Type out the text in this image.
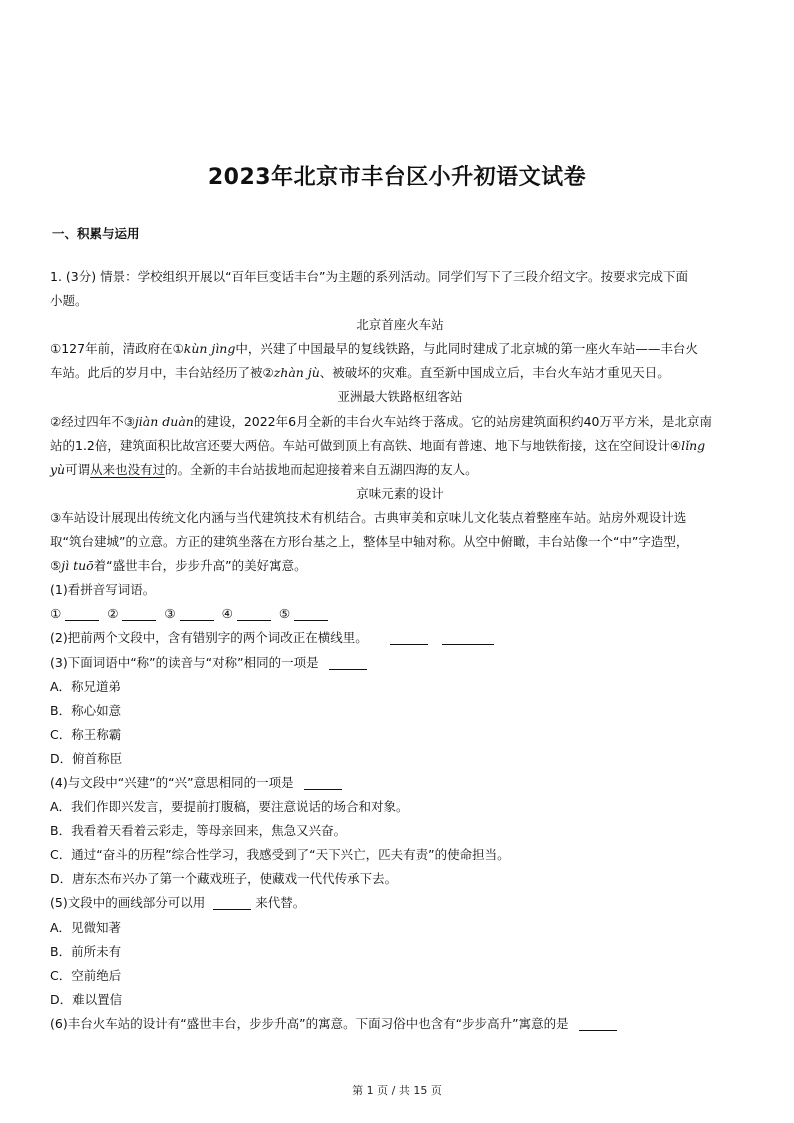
2023年北京市丰台区小升初语文试卷
一、积累与运用

1. (3分) 情景：学校组织开展以“百年巨变话丰台”为主题的系列活动。同学们写下了三段介绍文字。按要求完成下面

小题。

北京首座火车站

①127年前，清政府在①kùn jìng中，兴建了中国最早的复线铁路，与此同时建成了北京城的第一座火车站——丰台火

车站。此后的岁月中，丰台站经历了被②zhàn jù、被破坏的灾难。直至新中国成立后，丰台火车站才重见天日。

亚洲最大铁路枢纽客站

②经过四年不③jiàn duàn的建设，2022年6月全新的丰台火车站终于落成。它的站房建筑面积约40万平方米，是北京南

站的1.2倍，建筑面积比故宫还要大两倍。车站可做到顶上有高铁、地面有普速、地下与地铁衔接，这在空间设计④lǐng

yù可谓从来也没有过的。全新的丰台站拔地而起迎接着来自五湖四海的友人。

京味元素的设计

③车站设计展现出传统文化内涵与当代建筑技术有机结合。古典审美和京味儿文化装点着整座车站。站房外观设计选

取“筑台建城”的立意。方正的建筑坐落在方形台基之上，整体呈中轴对称。从空中俯瞰，丰台站像一个“中”字造型，

⑤jì tuō着“盛世丰台，步步升高”的美好寓意。

(1)看拼音写词语。

①	②	③	④	⑤

(2)把前两个文段中，含有错别字的两个词改正在横线里。

(3)下面词语中“称”的读音与“对称”相同的一项是

A．称兄道弟

B．称心如意

C．称王称霸

D．俯首称臣

(4)与文段中“兴建”的“兴”意思相同的一项是

A．我们作即兴发言，要提前打腹稿，要注意说话的场合和对象。

B．我看着天看着云彩走，等母亲回来，焦急又兴奋。

C．通过“奋斗的历程”综合性学习，我感受到了“天下兴亡，匹夫有责”的使命担当。

D．唐东杰布兴办了第一个藏戏班子，使藏戏一代代传承下去。

(5)文段中的画线部分可以用	来代替。

A．见微知著

B．前所未有

C．空前绝后

D．难以置信

(6)丰台火车站的设计有“盛世丰台，步步升高”的寓意。下面习俗中也含有“步步高升”寓意的是

第 1 页 / 共 15 页
